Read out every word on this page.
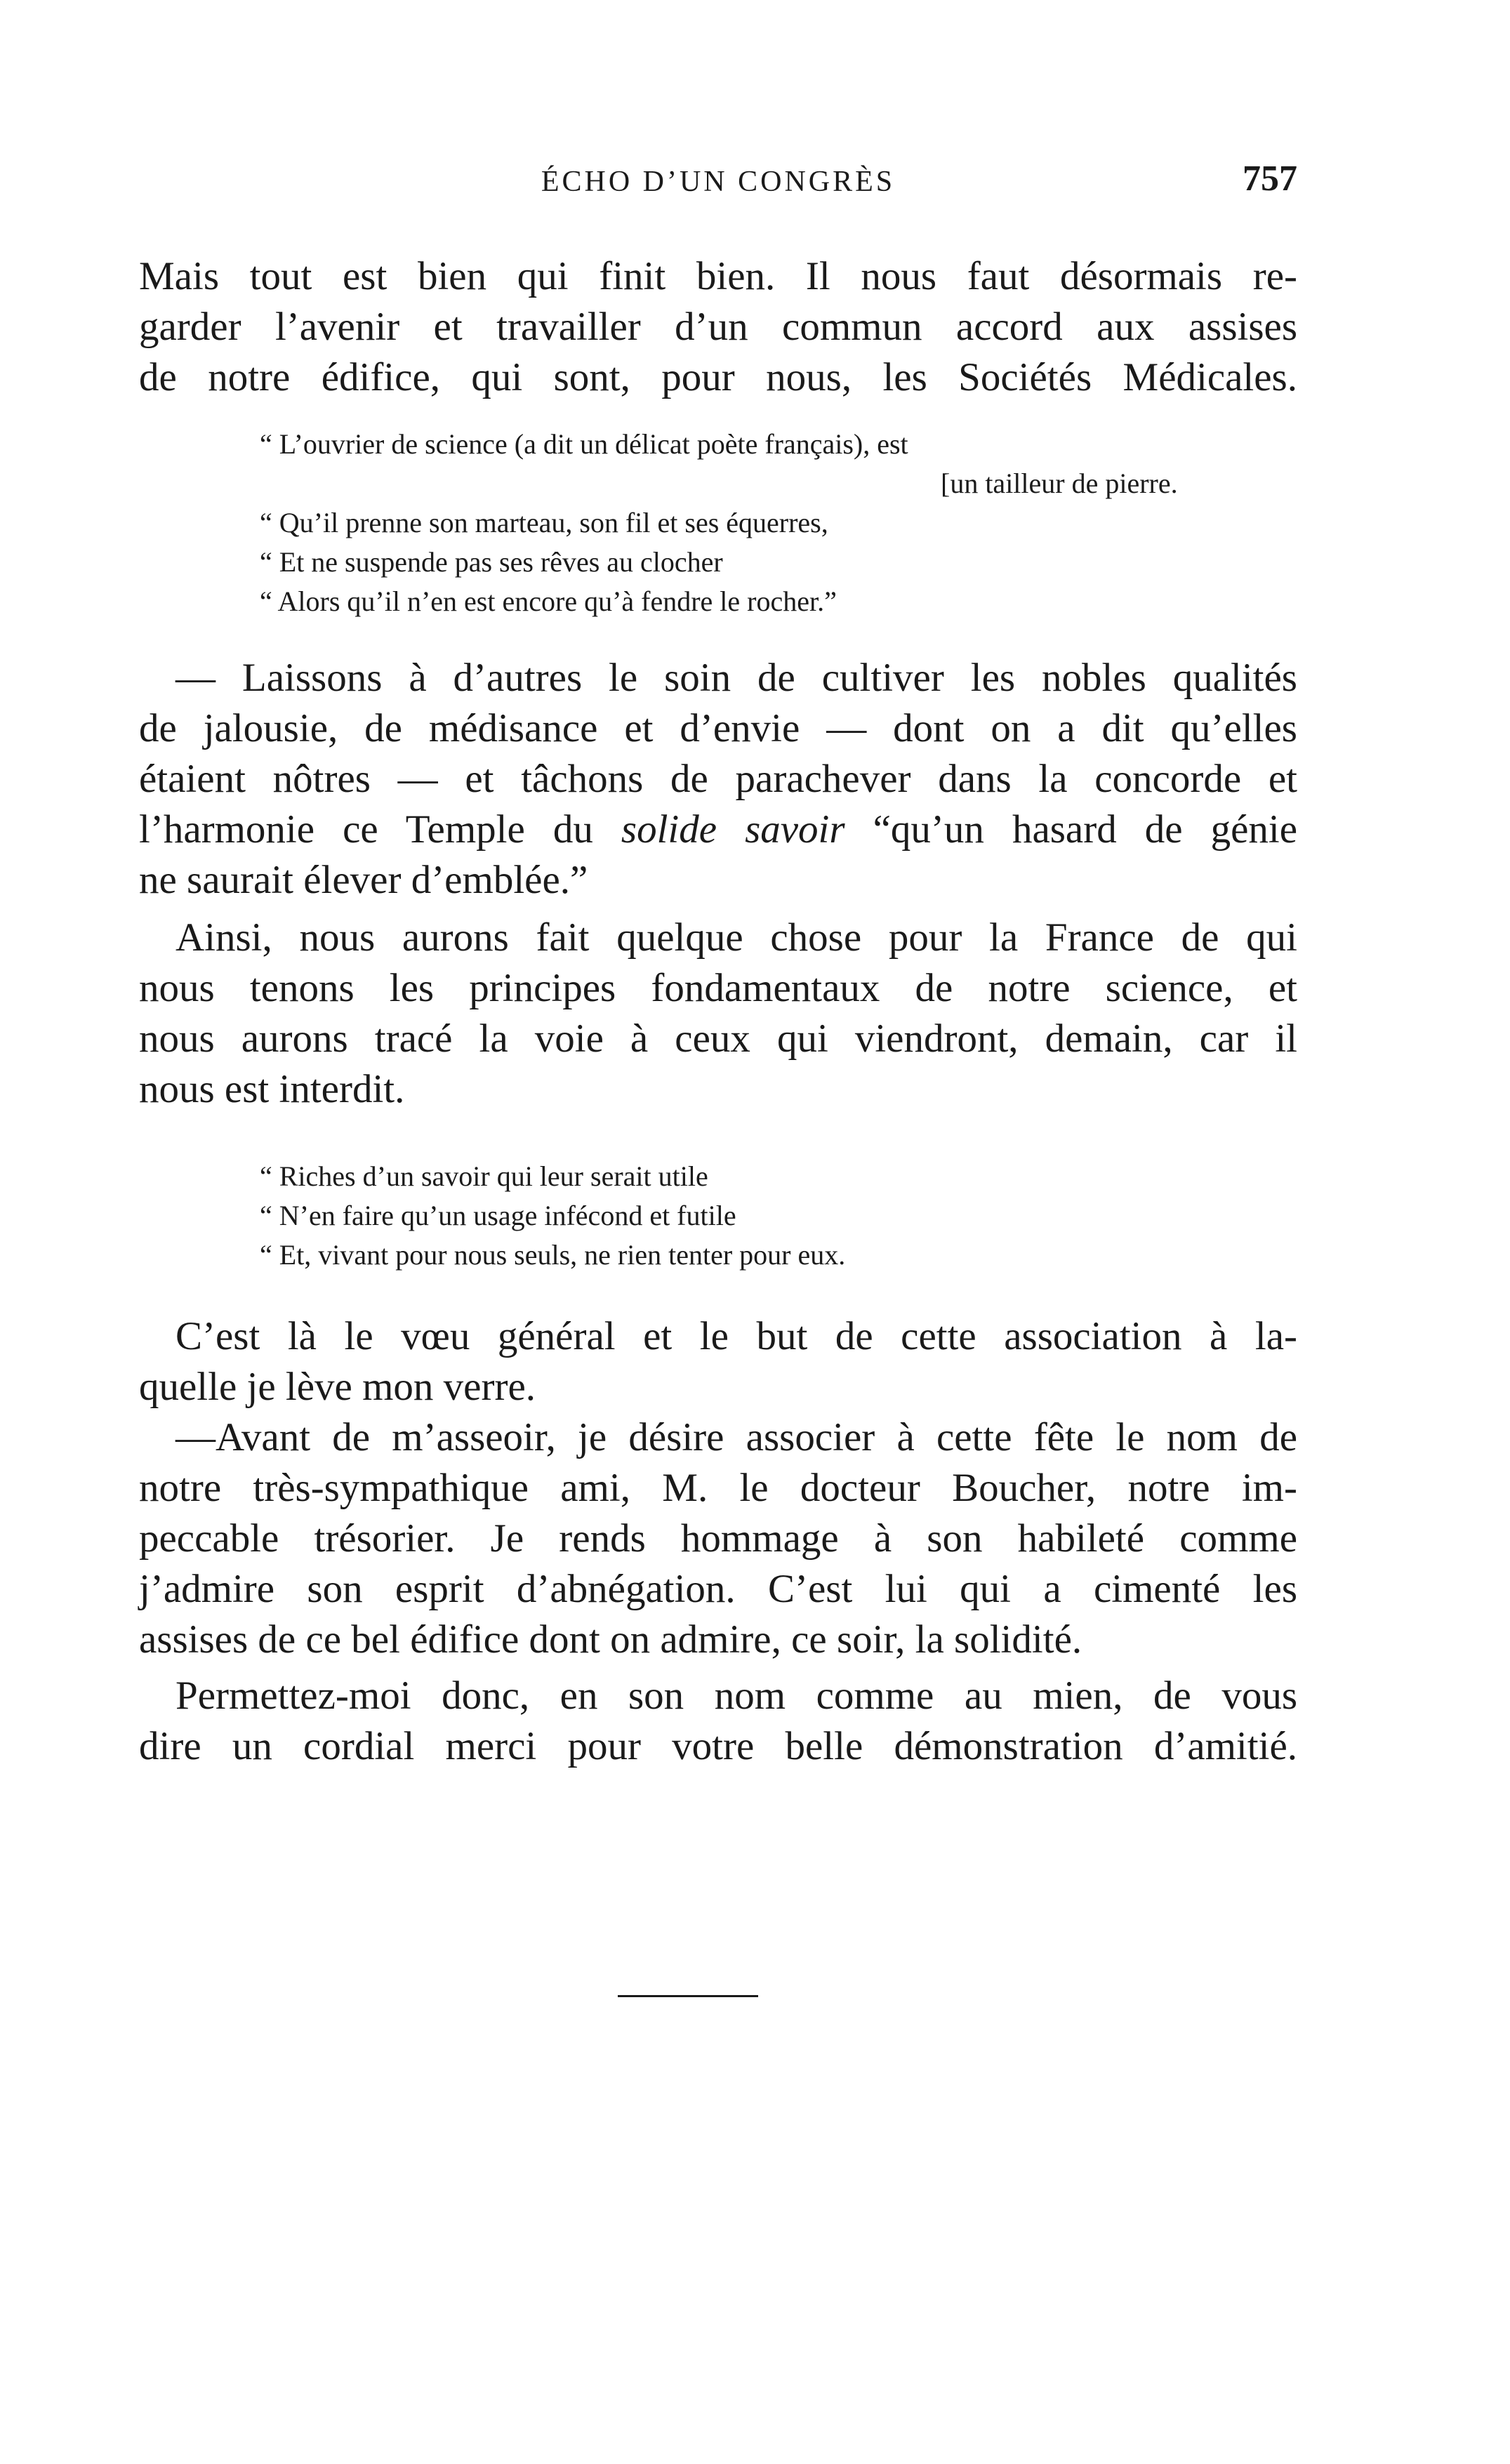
ÉCHO D’UN CONGRÈS	757
Mais tout est bien qui finit bien. Il nous faut désormais re-
garder l’avenir et travailler d’un commun accord aux assises
de notre édifice, qui sont, pour nous, les Sociétés Médicales.
“ L’ouvrier de science (a dit un délicat poète français), est
[un tailleur de pierre.
“ Qu’il prenne son marteau, son fil et ses équerres,
“ Et ne suspende pas ses rêves au clocher
“ Alors qu’il n’en est encore qu’à fendre le rocher.”
— Laissons à d’autres le soin de cultiver les nobles qualités
de jalousie, de médisance et d’envie — dont on a dit qu’elles
étaient nôtres — et tâchons de parachever dans la concorde et
l’harmonie ce Temple du solide savoir “qu’un hasard de génie
ne saurait élever d’emblée.”
Ainsi, nous aurons fait quelque chose pour la France de qui
nous tenons les principes fondamentaux de notre science, et
nous aurons tracé la voie à ceux qui viendront, demain, car il
nous est interdit.
“ Riches d’un savoir qui leur serait utile
“ N’en faire qu’un usage infécond et futile
“ Et, vivant pour nous seuls, ne rien tenter pour eux.
C’est là le vœu général et le but de cette association à la-
quelle je lève mon verre.
—Avant de m’asseoir, je désire associer à cette fête le nom de
notre très-sympathique ami, M. le docteur Boucher, notre im-
peccable trésorier. Je rends hommage à son habileté comme
j’admire son esprit d’abnégation. C’est lui qui a cimenté les
assises de ce bel édifice dont on admire, ce soir, la solidité.
Permettez-moi donc, en son nom comme au mien, de vous
dire un cordial merci pour votre belle démonstration d’amitié.
